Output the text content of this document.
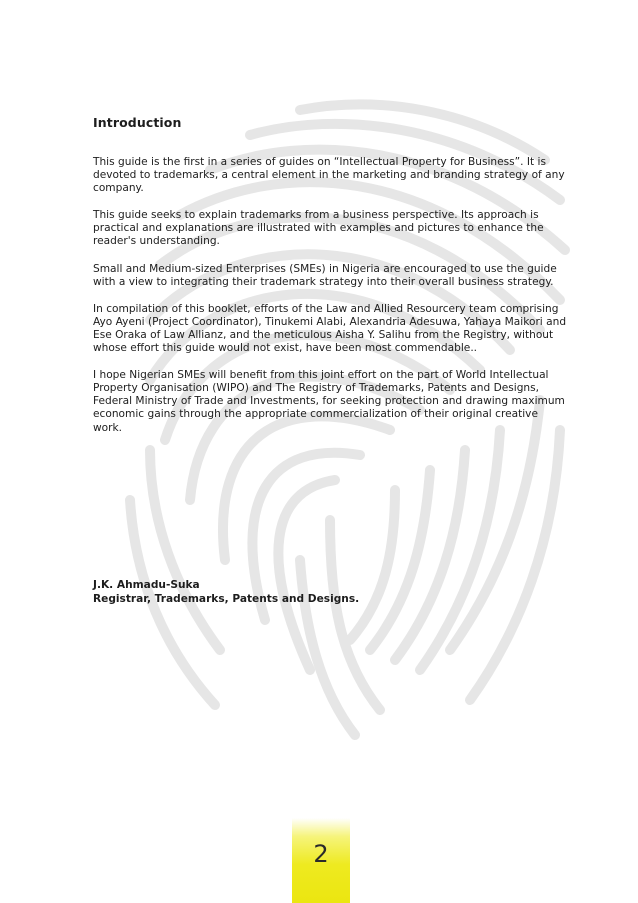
Introduction

This guide is the first in a series of guides on “Intellectual Property for Business”. It is devoted to trademarks, a central element in the marketing and branding strategy of any company.

This guide seeks to explain trademarks from a business perspective. Its approach is practical and explanations are illustrated with examples and pictures to enhance the reader's understanding.

Small and Medium-sized Enterprises (SMEs) in Nigeria are encouraged to use the guide with a view to integrating their trademark strategy into their overall business strategy.

In compilation of this booklet, efforts of the Law and Allied Resourcery team comprising Ayo Ayeni (Project Coordinator), Tinukemi Alabi, Alexandria Adesuwa, Yahaya Maikori and Ese Oraka of Law Allianz, and the meticulous Aisha Y. Salihu from the Registry, without whose effort this guide would not exist, have been most commendable..

I hope Nigerian SMEs will benefit from this joint effort on the part of World Intellectual Property Organisation (WIPO) and The Registry of Trademarks, Patents and Designs, Federal Ministry of Trade and Investments, for seeking protection and drawing maximum economic gains through the appropriate commercialization of their original creative work.

J.K. Ahmadu-Suka
Registrar, Trademarks, Patents and Designs.
2
